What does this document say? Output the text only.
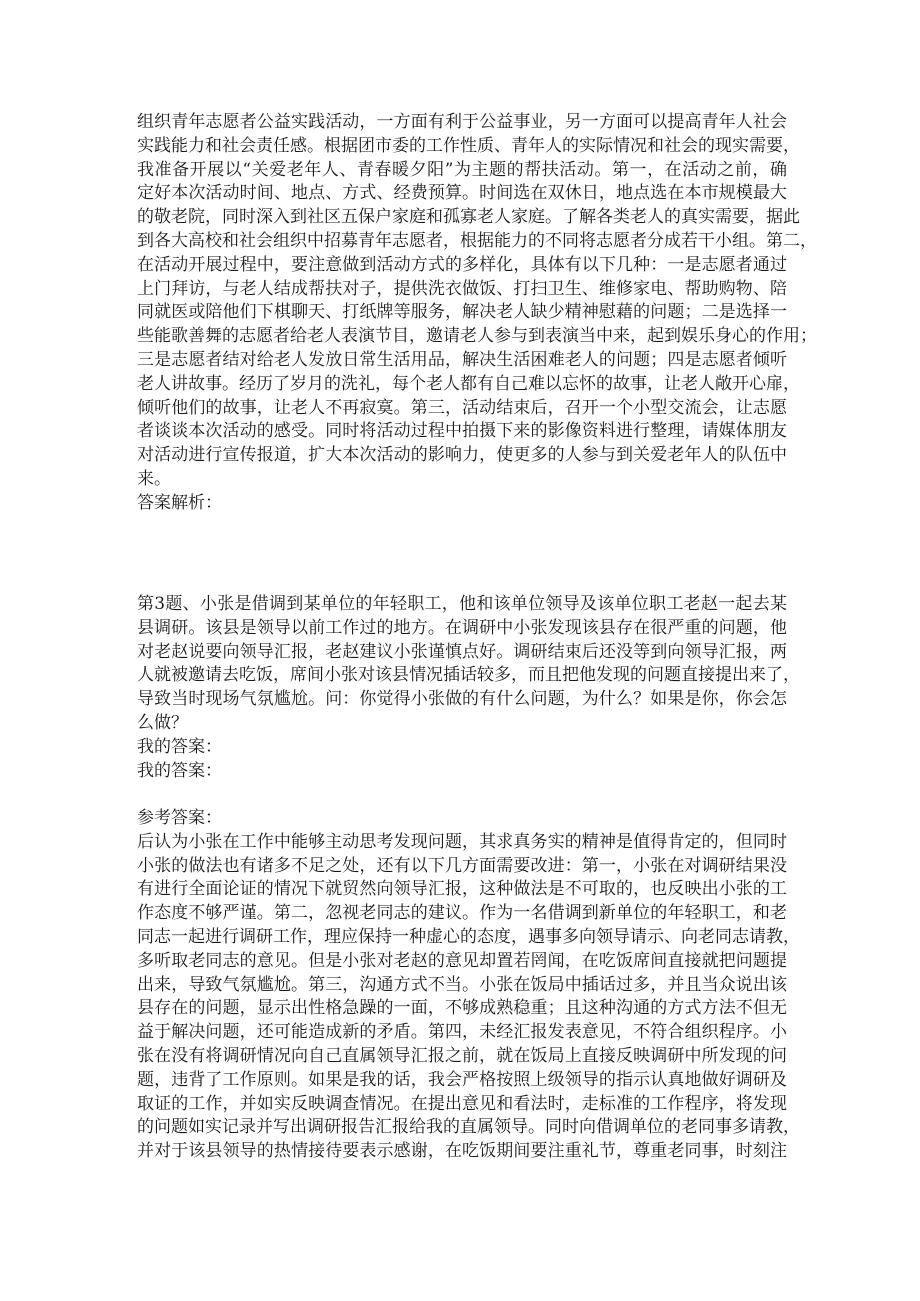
组织青年志愿者公益实践活动，一方面有利于公益事业，另一方面可以提高青年人社会
实践能力和社会责任感。根据团市委的工作性质、青年人的实际情况和社会的现实需要，
我准备开展以“关爱老年人、青春暖夕阳”为主题的帮扶活动。第一，在活动之前，确
定好本次活动时间、地点、方式、经费预算。时间选在双休日，地点选在本市规模最大
的敬老院，同时深入到社区五保户家庭和孤寡老人家庭。了解各类老人的真实需要，据此
到各大高校和社会组织中招募青年志愿者，根据能力的不同将志愿者分成若干小组。第二，
在活动开展过程中，要注意做到活动方式的多样化，具体有以下几种：一是志愿者通过
上门拜访，与老人结成帮扶对子，提供洗衣做饭、打扫卫生、维修家电、帮助购物、陪
同就医或陪他们下棋聊天、打纸牌等服务，解决老人缺少精神慰藉的问题；二是选择一
些能歌善舞的志愿者给老人表演节目，邀请老人参与到表演当中来，起到娱乐身心的作用；
三是志愿者结对给老人发放日常生活用品，解决生活困难老人的问题；四是志愿者倾听
老人讲故事。经历了岁月的洗礼，每个老人都有自己难以忘怀的故事，让老人敞开心扉，
倾听他们的故事，让老人不再寂寞。第三，活动结束后，召开一个小型交流会，让志愿
者谈谈本次活动的感受。同时将活动过程中拍摄下来的影像资料进行整理，请媒体朋友
对活动进行宣传报道，扩大本次活动的影响力，使更多的人参与到关爱老年人的队伍中
来。
答案解析：
第3题、小张是借调到某单位的年轻职工，他和该单位领导及该单位职工老赵一起去某
县调研。该县是领导以前工作过的地方。在调研中小张发现该县存在很严重的问题，他
对老赵说要向领导汇报，老赵建议小张谨慎点好。调研结束后还没等到向领导汇报，两
人就被邀请去吃饭，席间小张对该县情况插话较多，而且把他发现的问题直接提出来了，
导致当时现场气氛尴尬。问：你觉得小张做的有什么问题，为什么？如果是你，你会怎
么做？
我的答案：
我的答案：
参考答案：
后认为小张在工作中能够主动思考发现问题，其求真务实的精神是值得肯定的，但同时
小张的做法也有诸多不足之处，还有以下几方面需要改进：第一，小张在对调研结果没
有进行全面论证的情况下就贸然向领导汇报，这种做法是不可取的，也反映出小张的工
作态度不够严谨。第二，忽视老同志的建议。作为一名借调到新单位的年轻职工，和老
同志一起进行调研工作，理应保持一种虚心的态度，遇事多向领导请示、向老同志请教，
多听取老同志的意见。但是小张对老赵的意见却置若罔闻，在吃饭席间直接就把问题提
出来，导致气氛尴尬。第三，沟通方式不当。小张在饭局中插话过多，并且当众说出该
县存在的问题，显示出性格急躁的一面，不够成熟稳重；且这种沟通的方式方法不但无
益于解决问题，还可能造成新的矛盾。第四，未经汇报发表意见，不符合组织程序。小
张在没有将调研情况向自己直属领导汇报之前，就在饭局上直接反映调研中所发现的问
题，违背了工作原则。如果是我的话，我会严格按照上级领导的指示认真地做好调研及
取证的工作，并如实反映调查情况。在提出意见和看法时，走标准的工作程序，将发现
的问题如实记录并写出调研报告汇报给我的直属领导。同时向借调单位的老同事多请教，
并对于该县领导的热情接待要表示感谢，在吃饭期间要注重礼节，尊重老同事，时刻注
